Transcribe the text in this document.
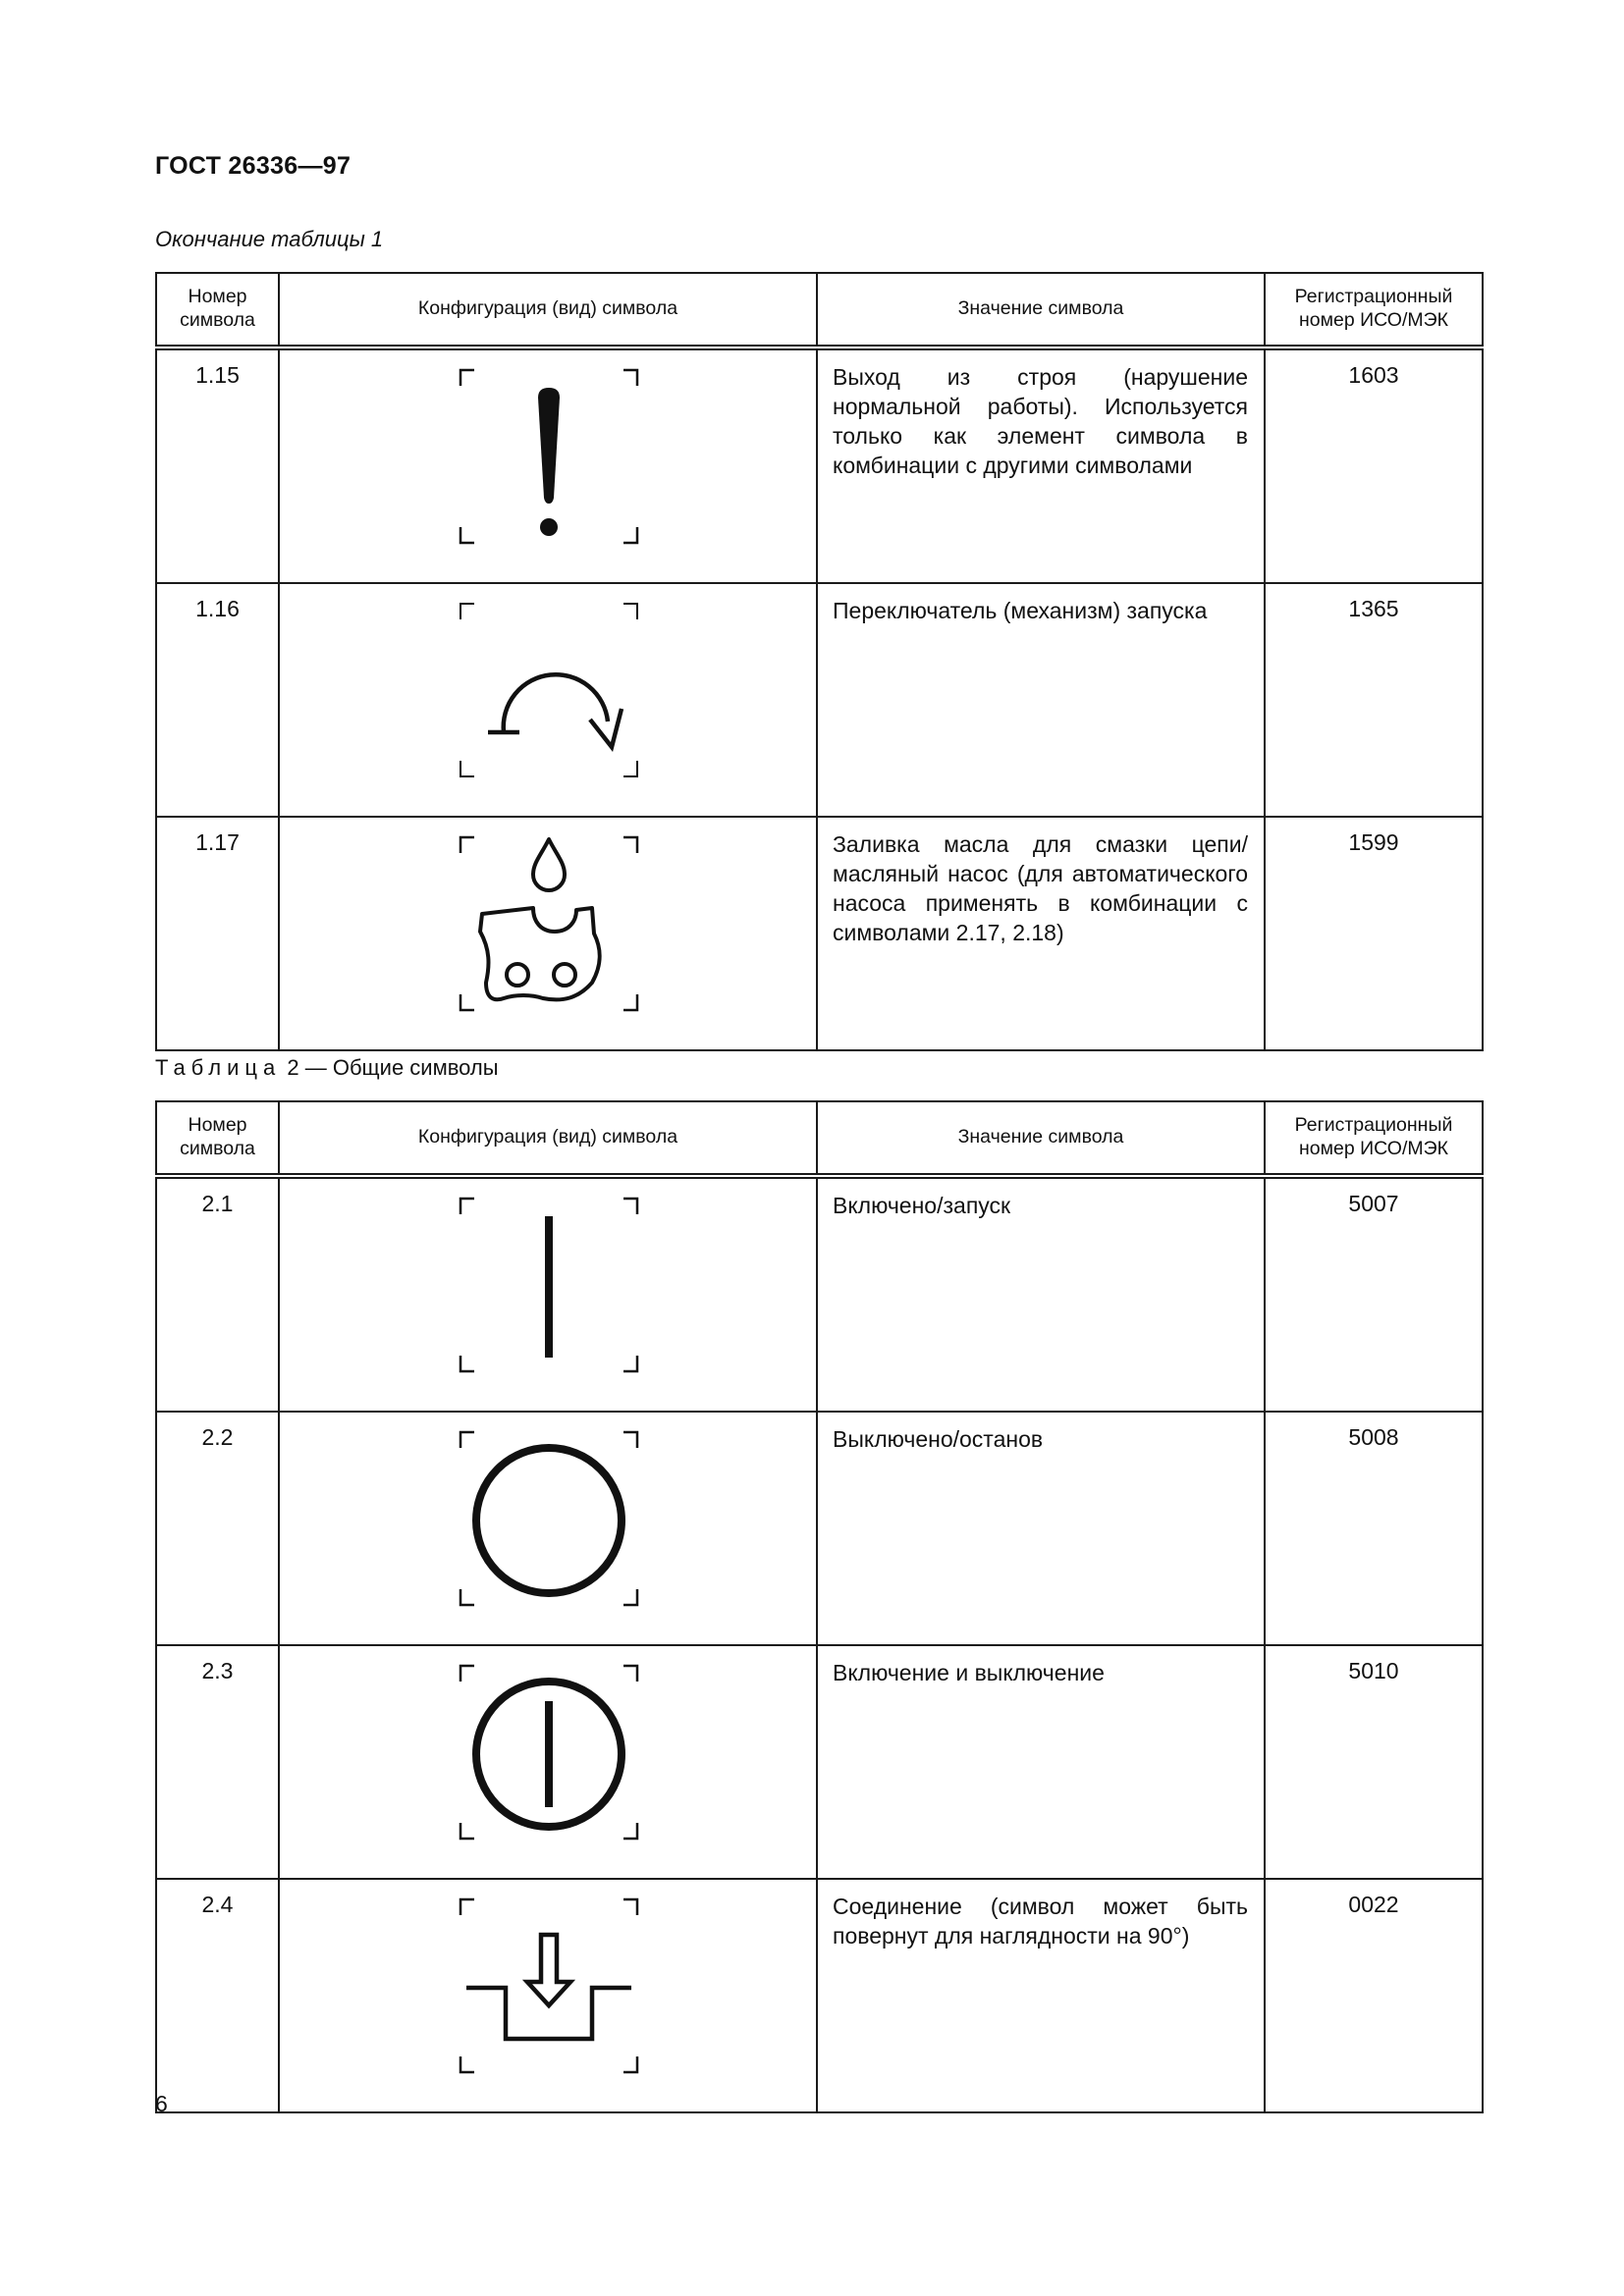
ГОСТ 26336—97
Окончание таблицы 1
Номер символа	Конфигурация (вид) символа	Значение символа	Регистрационный номер ИСО/МЭК
1.15		Выход из строя (нарушение нормальной работы). Используется только как элемент символа в комбинации с другими символами	1603
1.16		Переключатель (механизм) запуска	1365
1.17		Заливка масла для смазки цепи/масляный насос (для автоматического насоса применять в комбинации с символами 2.17, 2.18)	1599
Таблица 2 — Общие символы
Номер символа	Конфигурация (вид) символа	Значение символа	Регистрационный номер ИСО/МЭК
2.1		Включено/запуск	5007
2.2		Выключено/останов	5008
2.3		Включение и выключение	5010
2.4		Соединение (символ может быть повернут для наглядности на 90°)	0022
6
